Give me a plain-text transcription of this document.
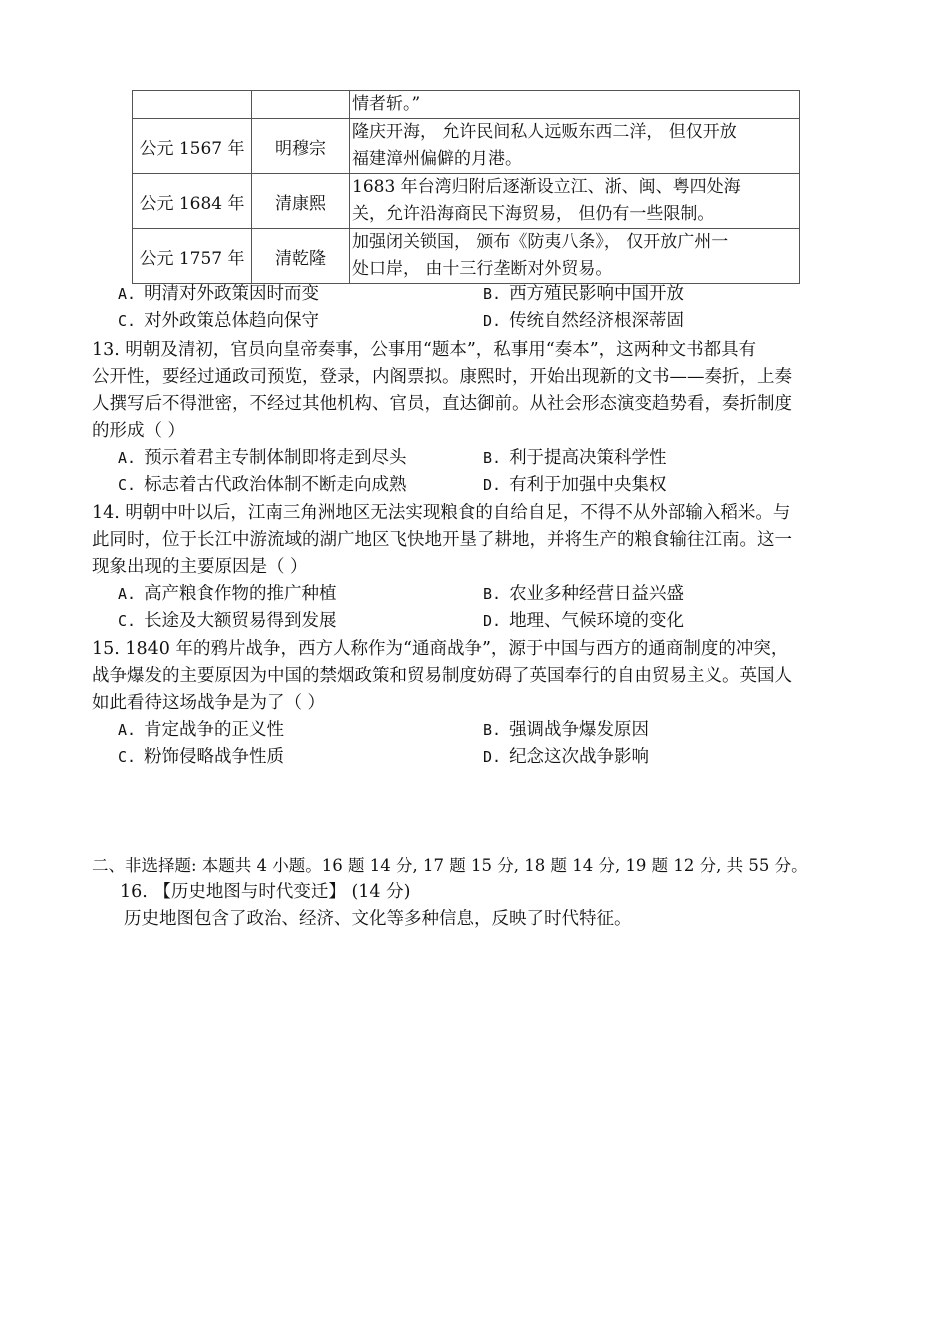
		情者斩。”

公元 1567 年	明穆宗	隆庆开海， 允许民间私人远贩东西二洋， 但仅开放
福建漳州偏僻的月港。

公元 1684 年	清康熙	1683 年台湾归附后逐渐设立江、浙、闽、粤四处海
关，允许沿海商民下海贸易， 但仍有一些限制。

公元 1757 年	清乾隆	加强闭关锁国， 颁布《防夷八条》， 仅开放广州一
处口岸， 由十三行垄断对外贸易。
A. 明清对外政策因时而变	B. 西方殖民影响中国开放
C. 对外政策总体趋向保守	D. 传统自然经济根深蒂固
13. 明朝及清初，官员向皇帝奏事，公事用“题本”，私事用“奏本”，这两种文书都具有
公开性，要经过通政司预览，登录，内阁票拟。康熙时，开始出现新的文书——奏折，上奏
人撰写后不得泄密，不经过其他机构、官员，直达御前。从社会形态演变趋势看，奏折制度
的形成（ ）
A. 预示着君主专制体制即将走到尽头	B. 利于提高决策科学性
C. 标志着古代政治体制不断走向成熟	D. 有利于加强中央集权
14. 明朝中叶以后，江南三角洲地区无法实现粮食的自给自足，不得不从外部输入稻米。与
此同时，位于长江中游流域的湖广地区飞快地开垦了耕地，并将生产的粮食输往江南。这一
现象出现的主要原因是（ ）
A. 高产粮食作物的推广种植	B. 农业多种经营日益兴盛
C. 长途及大额贸易得到发展	D. 地理、气候环境的变化
15. 1840 年的鸦片战争，西方人称作为“通商战争”，源于中国与西方的通商制度的冲突，
战争爆发的主要原因为中国的禁烟政策和贸易制度妨碍了英国奉行的自由贸易主义。英国人
如此看待这场战争是为了（ ）
A. 肯定战争的正义性	B. 强调战争爆发原因
C. 粉饰侵略战争性质	D. 纪念这次战争影响
二、非选择题: 本题共 4 小题。16 题 14 分, 17 题 15 分, 18 题 14 分, 19 题 12 分, 共 55 分。
16. 【历史地图与时代变迁】 (14 分)
历史地图包含了政治、经济、文化等多种信息，反映了时代特征。
